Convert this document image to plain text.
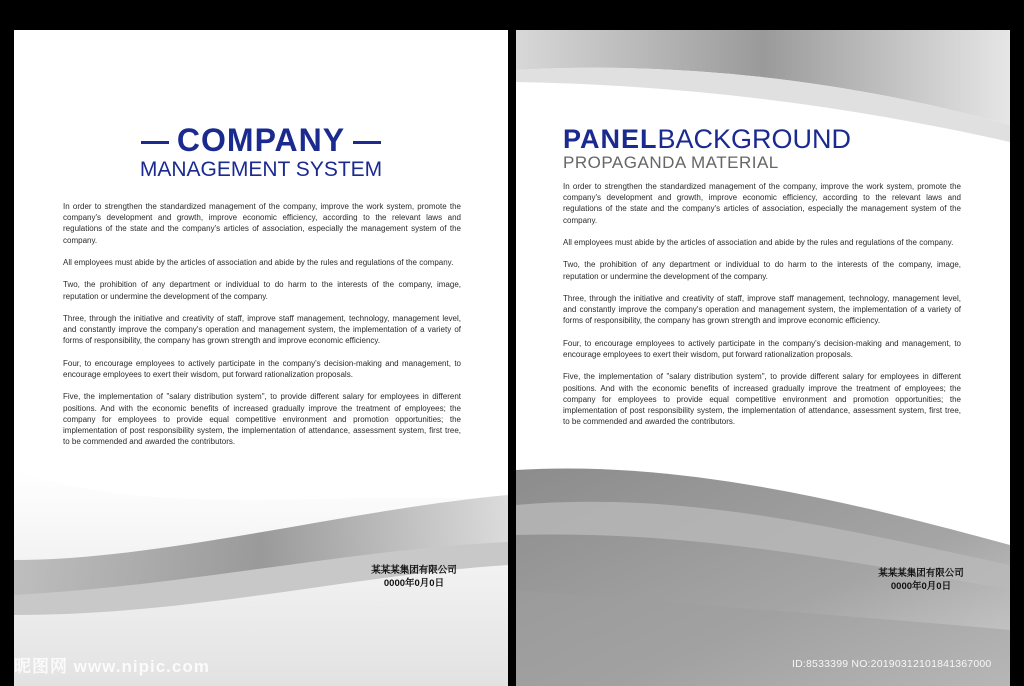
COMPANY
MANAGEMENT SYSTEM

In order to strengthen the standardized management of the company, improve the work system, promote the company's development and growth, improve economic efficiency, according to the relevant laws and regulations of the state and the company's articles of association, especially the management system of the company.

All employees must abide by the articles of association and abide by the rules and regulations of the company.

Two, the prohibition of any department or individual to do harm to the interests of the company, image, reputation or undermine the development of the company.

Three, through the initiative and creativity of staff, improve staff management, technology, management level, and constantly improve the company's operation and management system, the implementation of a variety of forms of responsibility, the company has grown strength and improve economic efficiency.

Four, to encourage employees to actively participate in the company's decision-making and management, to encourage employees to exert their wisdom, put forward rationalization proposals.

Five, the implementation of "salary distribution system", to provide different salary for employees in different positions. And with the economic benefits of increased gradually improve the treatment of employees; the company for employees to provide equal competitive environment and promotion opportunities; the implementation of post responsibility system, the implementation of attendance, assessment system, first tree, to be commended and awarded the contributors.

某某某集团有限公司
0000年0月0日
PANELBACKGROUND
PROPAGANDA MATERIAL

In order to strengthen the standardized management of the company, improve the work system, promote the company's development and growth, improve economic efficiency, according to the relevant laws and regulations of the state and the company's articles of association, especially the management system of the company.

All employees must abide by the articles of association and abide by the rules and regulations of the company.

Two, the prohibition of any department or individual to do harm to the interests of the company, image, reputation or undermine the development of the company.

Three, through the initiative and creativity of staff, improve staff management, technology, management level, and constantly improve the company's operation and management system, the implementation of a variety of forms of responsibility, the company has grown strength and improve economic efficiency.

Four, to encourage employees to actively participate in the company's decision-making and management, to encourage employees to exert their wisdom, put forward rationalization proposals.

Five, the implementation of "salary distribution system", to provide different salary for employees in different positions. And with the economic benefits of increased gradually improve the treatment of employees; the company for employees to provide equal competitive environment and promotion opportunities; the implementation of post responsibility system, the implementation of attendance, assessment system, first tree, to be commended and awarded the contributors.

某某某集团有限公司
0000年0月0日
昵图网 www.nipic.com	ID:8533399 NO:20190312101841367000
